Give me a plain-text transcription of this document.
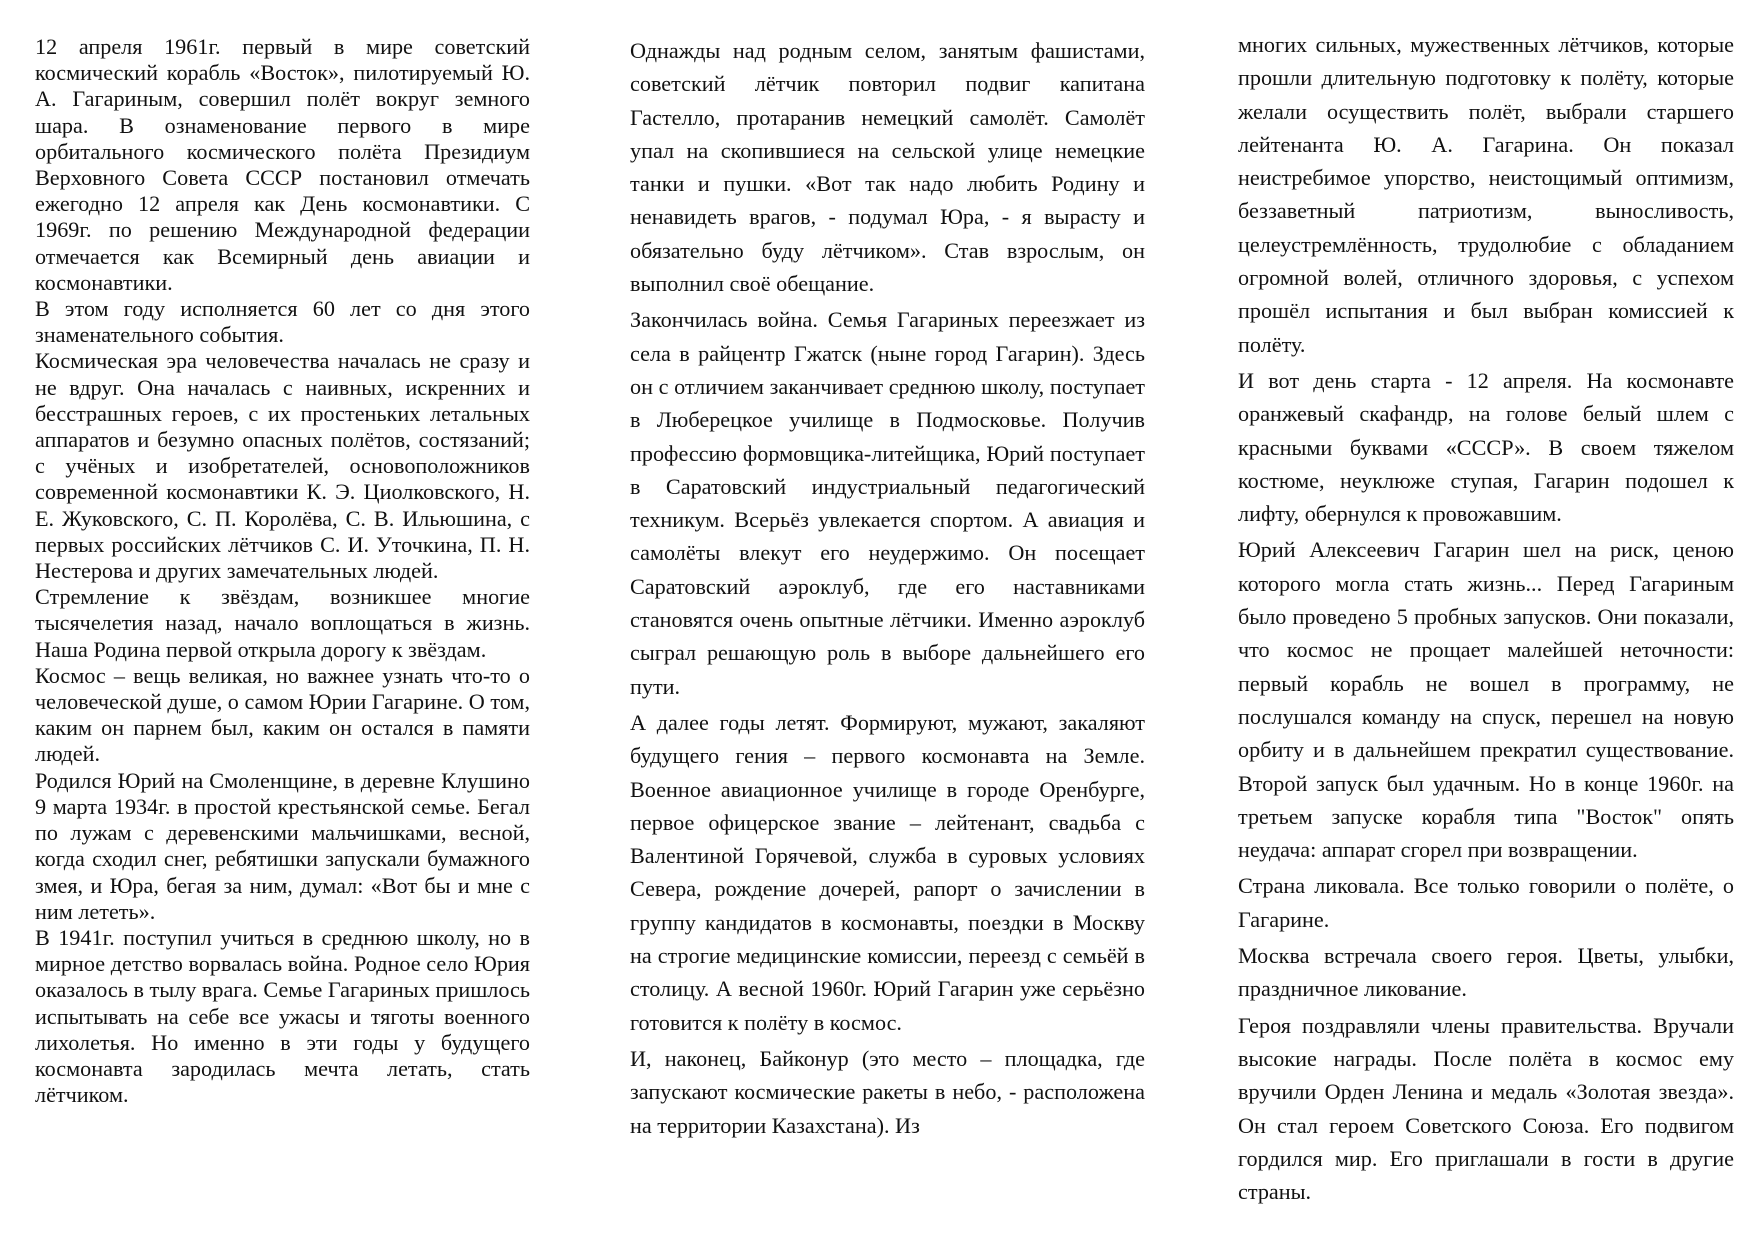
12 апреля 1961г. первый в мире советский космический корабль «Восток», пилотируемый Ю. А. Гагариным, совершил полёт вокруг земного шара. В ознаменование первого в мире орбитального космического полёта Президиум Верховного Совета СССР постановил отмечать ежегодно 12 апреля как День космонавтики. С 1969г. по решению Международной федерации отмечается как Всемирный день авиации и космонавтики.

В этом году исполняется 60 лет со дня этого знаменательного события.

Космическая эра человечества началась не сразу и не вдруг. Она началась с наивных, искренних и бесстрашных героев, с их простеньких летальных аппаратов и безумно опасных полётов, состязаний; с учёных и изобретателей, основоположников современной космонавтики К. Э. Циолковского, Н. Е. Жуковского, С. П. Королёва, С. В. Ильюшина, с первых российских лётчиков С. И. Уточкина, П. Н. Нестерова и других замечательных людей.

Стремление к звёздам, возникшее многие тысячелетия назад, начало воплощаться в жизнь. Наша Родина первой открыла дорогу к звёздам.

Космос – вещь великая, но важнее узнать что-то о человеческой душе, о самом Юрии Гагарине. О том, каким он парнем был, каким он остался в памяти людей.

Родился Юрий на Смоленщине, в деревне Клушино 9 марта 1934г. в простой крестьянской семье. Бегал по лужам с деревенскими мальчишками, весной, когда сходил снег, ребятишки запускали бумажного змея, и Юра, бегая за ним, думал: «Вот бы и мне с ним лететь».

В 1941г. поступил учиться в среднюю школу, но в мирное детство ворвалась война. Родное село Юрия оказалось в тылу врага. Семье Гагариных пришлось испытывать на себе все ужасы и тяготы военного лихолетья. Но именно в эти годы у будущего космонавта зародилась мечта летать, стать лётчиком.

Однажды над родным селом, занятым фашистами, советский лётчик повторил подвиг капитана Гастелло, протаранив немецкий самолёт. Самолёт упал на скопившиеся на сельской улице немецкие танки и пушки. «Вот так надо любить Родину и ненавидеть врагов, - подумал Юра, - я вырасту и обязательно буду лётчиком». Став взрослым, он выполнил своё обещание.

Закончилась война. Семья Гагариных переезжает из села в райцентр Гжатск (ныне город Гагарин). Здесь он с отличием заканчивает среднюю школу, поступает в Люберецкое училище в Подмосковье. Получив профессию формовщика-литейщика, Юрий поступает в Саратовский индустриальный педагогический техникум. Всерьёз увлекается спортом. А авиация и самолёты влекут его неудержимо. Он посещает Саратовский аэроклуб, где его наставниками становятся очень опытные лётчики. Именно аэроклуб сыграл решающую роль в выборе дальнейшего его пути.

А далее годы летят. Формируют, мужают, закаляют будущего гения – первого космонавта на Земле. Военное авиационное училище в городе Оренбурге, первое офицерское звание – лейтенант, свадьба с Валентиной Горячевой, служба в суровых условиях Севера, рождение дочерей, рапорт о зачислении в группу кандидатов в космонавты, поездки в Москву на строгие медицинские комиссии, переезд с семьёй в столицу. А весной 1960г. Юрий Гагарин уже серьёзно готовится к полёту в космос.

И, наконец, Байконур (это место – площадка, где запускают космические ракеты в небо, - расположена на территории Казахстана). Из

многих сильных, мужественных лётчиков, которые прошли длительную подготовку к полёту, которые желали осуществить полёт, выбрали старшего лейтенанта Ю. А. Гагарина. Он показал неистребимое упорство, неистощимый оптимизм, беззаветный патриотизм, выносливость, целеустремлённость, трудолюбие с обладанием огромной волей, отличного здоровья, с успехом прошёл испытания и был выбран комиссией к полёту.

И вот день старта - 12 апреля. На космонавте оранжевый скафандр, на голове белый шлем с красными буквами «СССР». В своем тяжелом костюме, неуклюже ступая, Гагарин подошел к лифту, обернулся к провожавшим.

Юрий Алексеевич Гагарин шел на риск, ценою которого могла стать жизнь... Перед Гагариным было проведено 5 пробных запусков. Они показали, что космос не прощает малейшей неточности: первый корабль не вошел в программу, не послушался команду на спуск, перешел на новую орбиту и в дальнейшем прекратил существование. Второй запуск был удачным. Но в конце 1960г. на третьем запуске корабля типа "Восток" опять неудача: аппарат сгорел при возвращении.

Страна ликовала. Все только говорили о полёте, о Гагарине.

Москва встречала своего героя. Цветы, улыбки, праздничное ликование.

Героя поздравляли члены правительства. Вручали высокие награды. После полёта в космос ему вручили Орден Ленина и медаль «Золотая звезда». Он стал героем Советского Союза. Его подвигом гордился мир. Его приглашали в гости в другие страны.
